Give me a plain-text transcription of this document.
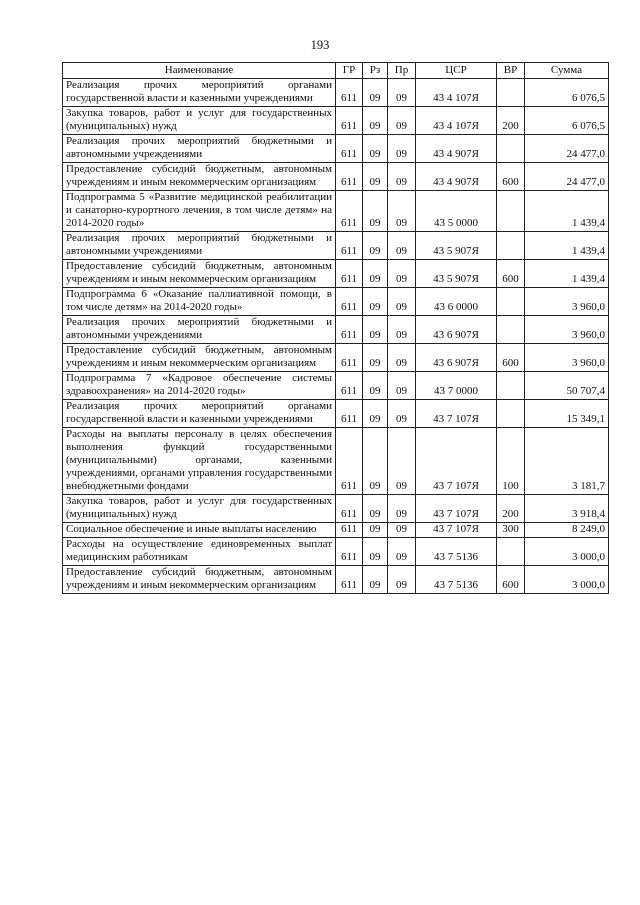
193
Наименование	ГР	Рз	Пр	ЦСР	ВР	Сумма
Реализация прочих мероприятий органами государственной власти и казенными учреждениями	611	09	09	43 4 107Я		6 076,5
Закупка товаров, работ и услуг для государственных (муниципальных) нужд	611	09	09	43 4 107Я	200	6 076,5
Реализация прочих мероприятий бюджетными и автономными учреждениями	611	09	09	43 4 907Я		24 477,0
Предоставление субсидий бюджетным, автономным учреждениям и иным некоммерческим организациям	611	09	09	43 4 907Я	600	24 477,0
Подпрограмма 5 «Развитие медицинской реабилитации и санаторно-курортного лечения, в том числе детям» на 2014-2020 годы»	611	09	09	43 5 0000		1 439,4
Реализация прочих мероприятий бюджетными и автономными учреждениями	611	09	09	43 5 907Я		1 439,4
Предоставление субсидий бюджетным, автономным учреждениям и иным некоммерческим организациям	611	09	09	43 5 907Я	600	1 439,4
Подпрограмма 6 «Оказание паллиативной помощи, в том числе детям» на 2014-2020 годы»	611	09	09	43 6 0000		3 960,0
Реализация прочих мероприятий бюджетными и автономными учреждениями	611	09	09	43 6 907Я		3 960,0
Предоставление субсидий бюджетным, автономным учреждениям и иным некоммерческим организациям	611	09	09	43 6 907Я	600	3 960,0
Подпрограмма 7 «Кадровое обеспечение системы здравоохранения» на 2014-2020 годы»	611	09	09	43 7 0000		50 707,4
Реализация прочих мероприятий органами государственной власти и казенными учреждениями	611	09	09	43 7 107Я		15 349,1
Расходы на выплаты персоналу в целях обеспечения выполнения функций государственными (муниципальными) органами, казенными учреждениями, органами управления государственными внебюджетными фондами	611	09	09	43 7 107Я	100	3 181,7
Закупка товаров, работ и услуг для государственных (муниципальных) нужд	611	09	09	43 7 107Я	200	3 918,4
Социальное обеспечение и иные выплаты населению	611	09	09	43 7 107Я	300	8 249,0
Расходы на осуществление единовременных выплат медицинским работникам	611	09	09	43 7 5136		3 000,0
Предоставление субсидий бюджетным, автономным учреждениям и иным некоммерческим организациям	611	09	09	43 7 5136	600	3 000,0
